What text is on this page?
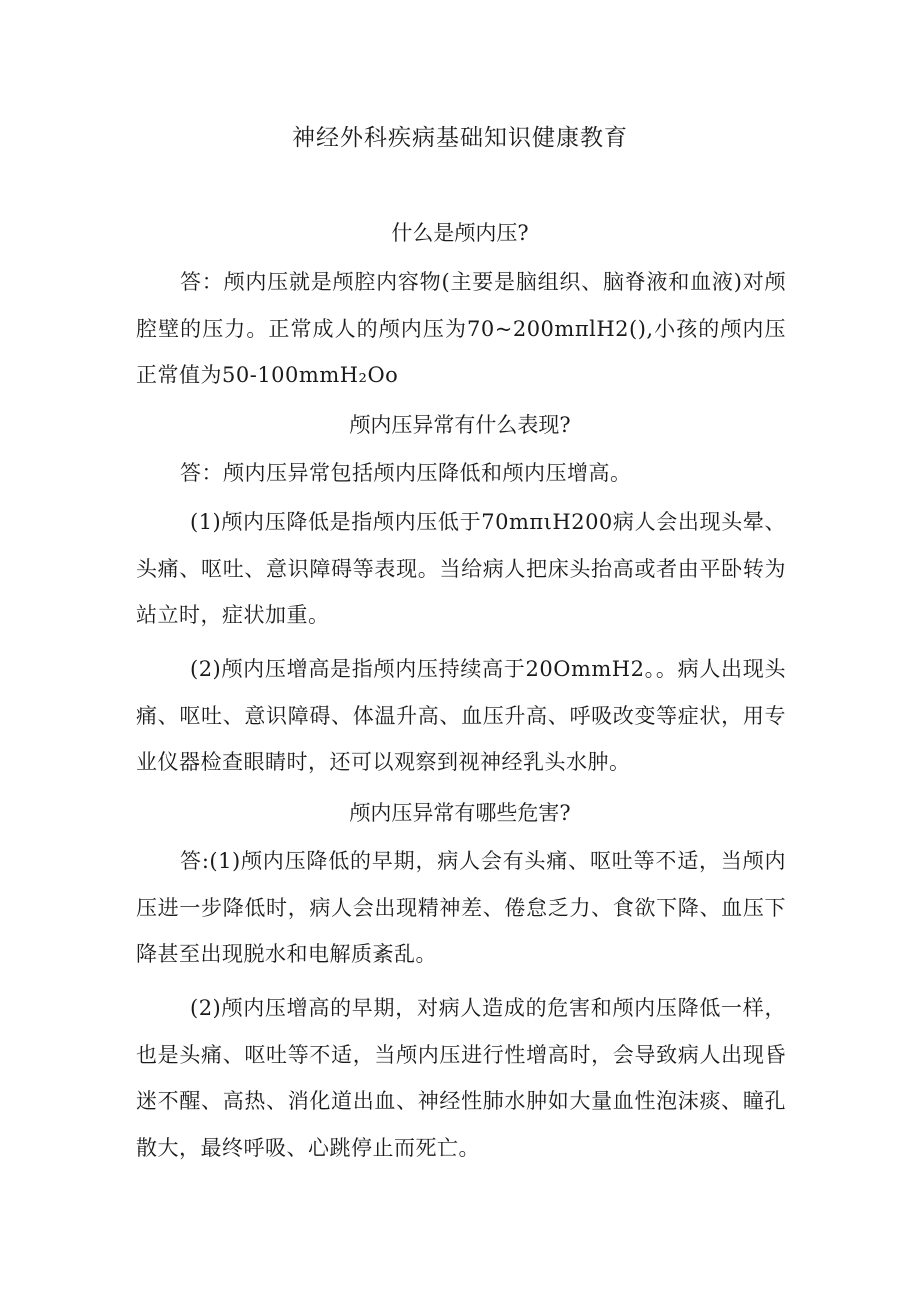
神经外科疾病基础知识健康教育
什么是颅内压?

答：颅内压就是颅腔内容物(主要是脑组织、脑脊液和血液)对颅腔壁的压力。正常成人的颅内压为70~200mπlH2(),小孩的颅内压正常值为50-100mmH₂Oo

颅内压异常有什么表现?

答：颅内压异常包括颅内压降低和颅内压增高。

(1)颅内压降低是指颅内压低于70mπιH200病人会出现头晕、头痛、呕吐、意识障碍等表现。当给病人把床头抬高或者由平卧转为站立时，症状加重。

(2)颅内压增高是指颅内压持续高于20OmmH2。。病人出现头痛、呕吐、意识障碍、体温升高、血压升高、呼吸改变等症状，用专业仪器检查眼睛时，还可以观察到视神经乳头水肿。

颅内压异常有哪些危害?

答:(1)颅内压降低的早期，病人会有头痛、呕吐等不适，当颅内压进一步降低时，病人会出现精神差、倦怠乏力、食欲下降、血压下降甚至出现脱水和电解质紊乱。

(2)颅内压增高的早期，对病人造成的危害和颅内压降低一样，也是头痛、呕吐等不适，当颅内压进行性增高时，会导致病人出现昏迷不醒、高热、消化道出血、神经性肺水肿如大量血性泡沫痰、瞳孔散大，最终呼吸、心跳停止而死亡。
